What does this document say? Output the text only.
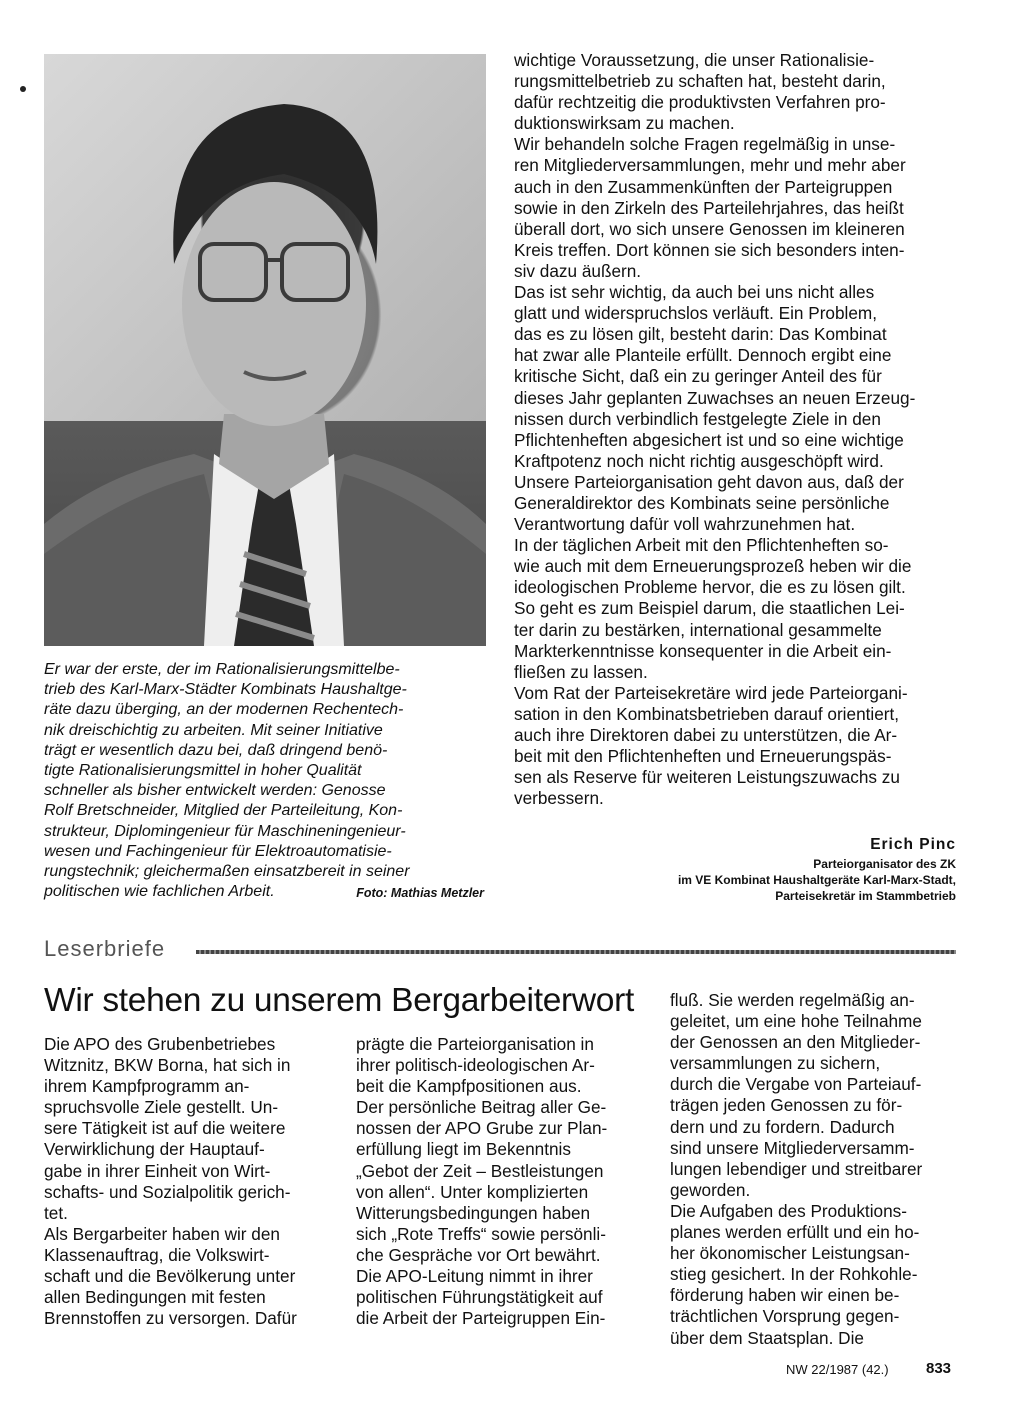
Er war der erste, der im Rationalisierungsmittelbe-
trieb des Karl-Marx-Städter Kombinats Haushaltge-
räte dazu überging, an der modernen Rechentech-
nik dreischichtig zu arbeiten. Mit seiner Initiative
trägt er wesentlich dazu bei, daß dringend benö-
tigte Rationalisierungsmittel in hoher Qualität
schneller als bisher entwickelt werden: Genosse
Rolf Bretschneider, Mitglied der Parteileitung, Kon-
strukteur, Diplomingenieur für Maschineningenieur-
wesen und Fachingenieur für Elektroautomatisie-
rungstechnik; gleichermaßen einsatzbereit in seiner
politischen wie fachlichen Arbeit.	Foto: Mathias Metzler
wichtige Voraussetzung, die unser Rationalisie-
rungsmittelbetrieb zu schaften hat, besteht darin,
dafür rechtzeitig die produktivsten Verfahren pro-
duktionswirksam zu machen.
Wir behandeln solche Fragen regelmäßig in unse-
ren Mitgliederversammlungen, mehr und mehr aber
auch in den Zusammenkünften der Parteigruppen
sowie in den Zirkeln des Parteilehrjahres, das heißt
überall dort, wo sich unsere Genossen im kleineren
Kreis treffen. Dort können sie sich besonders inten-
siv dazu äußern.
Das ist sehr wichtig, da auch bei uns nicht alles
glatt und widerspruchslos verläuft. Ein Problem,
das es zu lösen gilt, besteht darin: Das Kombinat
hat zwar alle Planteile erfüllt. Dennoch ergibt eine
kritische Sicht, daß ein zu geringer Anteil des für
dieses Jahr geplanten Zuwachses an neuen Erzeug-
nissen durch verbindlich festgelegte Ziele in den
Pflichtenheften abgesichert ist und so eine wichtige
Kraftpotenz noch nicht richtig ausgeschöpft wird.
Unsere Parteiorganisation geht davon aus, daß der
Generaldirektor des Kombinats seine persönliche
Verantwortung dafür voll wahrzunehmen hat.
In der täglichen Arbeit mit den Pflichtenheften so-
wie auch mit dem Erneuerungsprozeß heben wir die
ideologischen Probleme hervor, die es zu lösen gilt.
So geht es zum Beispiel darum, die staatlichen Lei-
ter darin zu bestärken, international gesammelte
Markterkenntnisse konsequenter in die Arbeit ein-
fließen zu lassen.
Vom Rat der Parteisekretäre wird jede Parteiorgani-
sation in den Kombinatsbetrieben darauf orientiert,
auch ihre Direktoren dabei zu unterstützen, die Ar-
beit mit den Pflichtenheften und Erneuerungspäs-
sen als Reserve für weiteren Leistungszuwachs zu
verbessern.
Erich Pinc
Parteiorganisator des ZK
im VE Kombinat Haushaltgeräte Karl-Marx-Stadt,
Parteisekretär im Stammbetrieb
Leserbriefe
Wir stehen zu unserem Bergarbeiterwort
Die APO des Grubenbetriebes
Witznitz, BKW Borna, hat sich in
ihrem Kampfprogramm an-
spruchsvolle Ziele gestellt. Un-
sere Tätigkeit ist auf die weitere
Verwirklichung der Hauptauf-
gabe in ihrer Einheit von Wirt-
schafts- und Sozialpolitik gerich-
tet.
Als Bergarbeiter haben wir den
Klassenauftrag, die Volkswirt-
schaft und die Bevölkerung unter
allen Bedingungen mit festen
Brennstoffen zu versorgen. Dafür
prägte die Parteiorganisation in
ihrer politisch-ideologischen Ar-
beit die Kampfpositionen aus.
Der persönliche Beitrag aller Ge-
nossen der APO Grube zur Plan-
erfüllung liegt im Bekenntnis
„Gebot der Zeit – Bestleistungen
von allen“. Unter komplizierten
Witterungsbedingungen haben
sich „Rote Treffs“ sowie persönli-
che Gespräche vor Ort bewährt.
Die APO-Leitung nimmt in ihrer
politischen Führungstätigkeit auf
die Arbeit der Parteigruppen Ein-
fluß. Sie werden regelmäßig an-
geleitet, um eine hohe Teilnahme
der Genossen an den Mitglieder-
versammlungen zu sichern,
durch die Vergabe von Parteiauf-
trägen jeden Genossen zu för-
dern und zu fordern. Dadurch
sind unsere Mitgliederversamm-
lungen lebendiger und streitbarer
geworden.
Die Aufgaben des Produktions-
planes werden erfüllt und ein ho-
her ökonomischer Leistungsan-
stieg gesichert. In der Rohkohle-
förderung haben wir einen be-
trächtlichen Vorsprung gegen-
über dem Staatsplan. Die
NW 22/1987 (42.) 833
